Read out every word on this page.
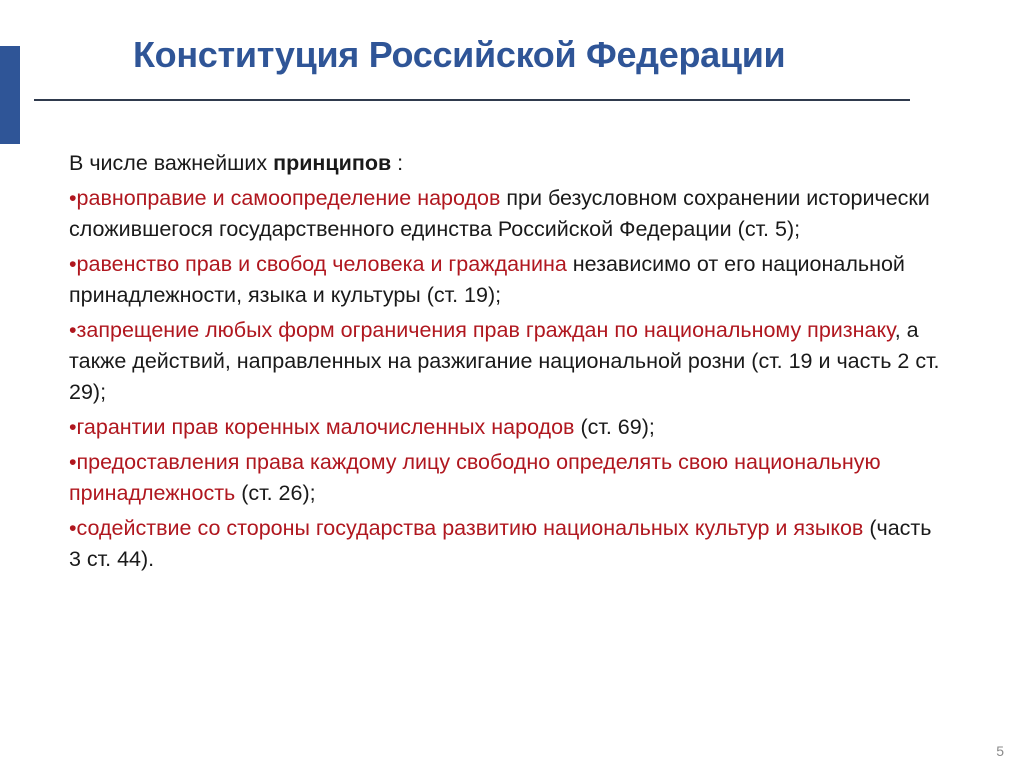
Конституция Российской Федерации

В числе важнейших принципов :

•равноправие и самоопределение народов при безусловном сохранении исторически сложившегося государственного единства Российской Федерации (ст. 5);

•равенство прав и свобод человека и гражданина независимо от его национальной принадлежности, языка и культуры (ст. 19);

•запрещение любых форм ограничения прав граждан по национальному признаку, а также действий, направленных на разжигание национальной розни (ст. 19 и часть 2 ст. 29);

•гарантии прав коренных малочисленных народов (ст. 69);

•предоставления права каждому лицу свободно определять свою национальную принадлежность (ст. 26);

•содействие со стороны государства развитию национальных культур и языков (часть 3 ст. 44).

5
